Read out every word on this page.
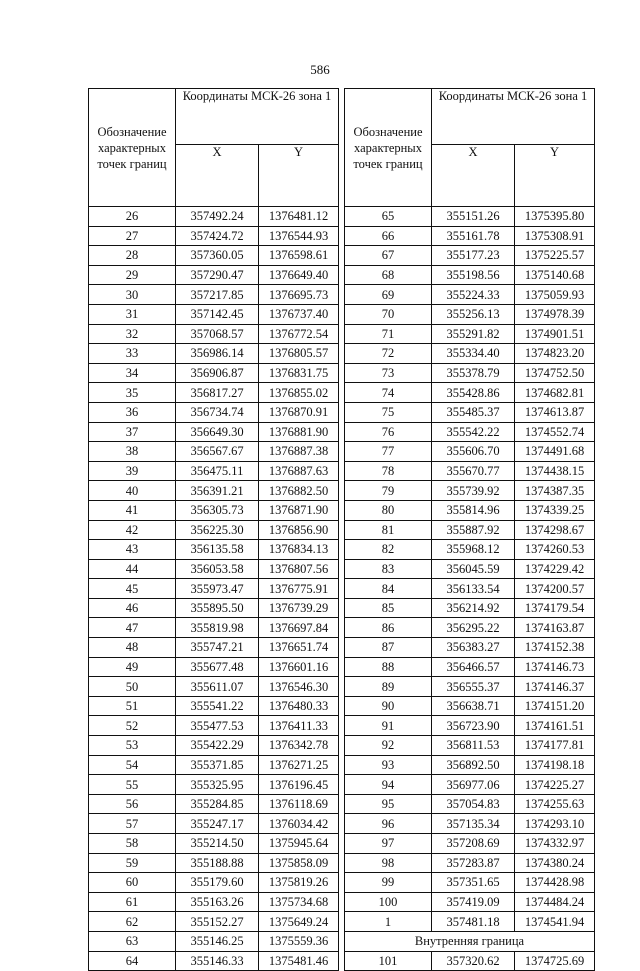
586
Обозначение характерных точек границ	Координаты МСК-26 зона 1	
	X	Y
26	357492.24	1376481.12
27	357424.72	1376544.93
28	357360.05	1376598.61
29	357290.47	1376649.40
30	357217.85	1376695.73
31	357142.45	1376737.40
32	357068.57	1376772.54
33	356986.14	1376805.57
34	356906.87	1376831.75
35	356817.27	1376855.02
36	356734.74	1376870.91
37	356649.30	1376881.90
38	356567.67	1376887.38
39	356475.11	1376887.63
40	356391.21	1376882.50
41	356305.73	1376871.90
42	356225.30	1376856.90
43	356135.58	1376834.13
44	356053.58	1376807.56
45	355973.47	1376775.91
46	355895.50	1376739.29
47	355819.98	1376697.84
48	355747.21	1376651.74
49	355677.48	1376601.16
50	355611.07	1376546.30
51	355541.22	1376480.33
52	355477.53	1376411.33
53	355422.29	1376342.78
54	355371.85	1376271.25
55	355325.95	1376196.45
56	355284.85	1376118.69
57	355247.17	1376034.42
58	355214.50	1375945.64
59	355188.88	1375858.09
60	355179.60	1375819.26
61	355163.26	1375734.68
62	355152.27	1375649.24
63	355146.25	1375559.36
64	355146.33	1375481.46
Обозначение характерных точек границ	Координаты МСК-26 зона 1	
	X	Y
65	355151.26	1375395.80
66	355161.78	1375308.91
67	355177.23	1375225.57
68	355198.56	1375140.68
69	355224.33	1375059.93
70	355256.13	1374978.39
71	355291.82	1374901.51
72	355334.40	1374823.20
73	355378.79	1374752.50
74	355428.86	1374682.81
75	355485.37	1374613.87
76	355542.22	1374552.74
77	355606.70	1374491.68
78	355670.77	1374438.15
79	355739.92	1374387.35
80	355814.96	1374339.25
81	355887.92	1374298.67
82	355968.12	1374260.53
83	356045.59	1374229.42
84	356133.54	1374200.57
85	356214.92	1374179.54
86	356295.22	1374163.87
87	356383.27	1374152.38
88	356466.57	1374146.73
89	356555.37	1374146.37
90	356638.71	1374151.20
91	356723.90	1374161.51
92	356811.53	1374177.81
93	356892.50	1374198.18
94	356977.06	1374225.27
95	357054.83	1374255.63
96	357135.34	1374293.10
97	357208.69	1374332.97
98	357283.87	1374380.24
99	357351.65	1374428.98
100	357419.09	1374484.24
1	357481.18	1374541.94
Внутренняя граница		
101	357320.62	1374725.69
